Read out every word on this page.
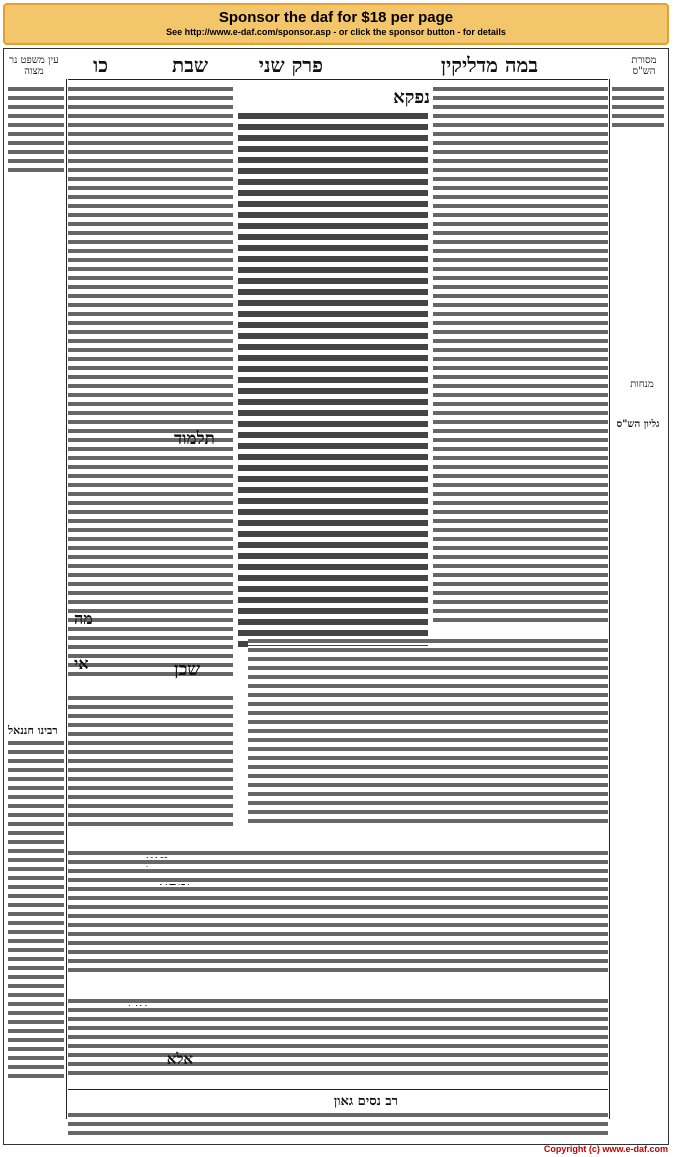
Sponsor the daf for $18 per page
See http://www.e-daf.com/sponsor.asp - or click the sponsor button - for details
במה מדליקין
פרק שני
שבת
כו	מסורת הש"ס
עין משפט נר מצוה
נפקא
תלמוד
מה
אי	שכן
אלא
רב נסים גאון
מנחות
גליון הש"ס
רבינו חננאל
Copyright (c) www.e-daf.com
